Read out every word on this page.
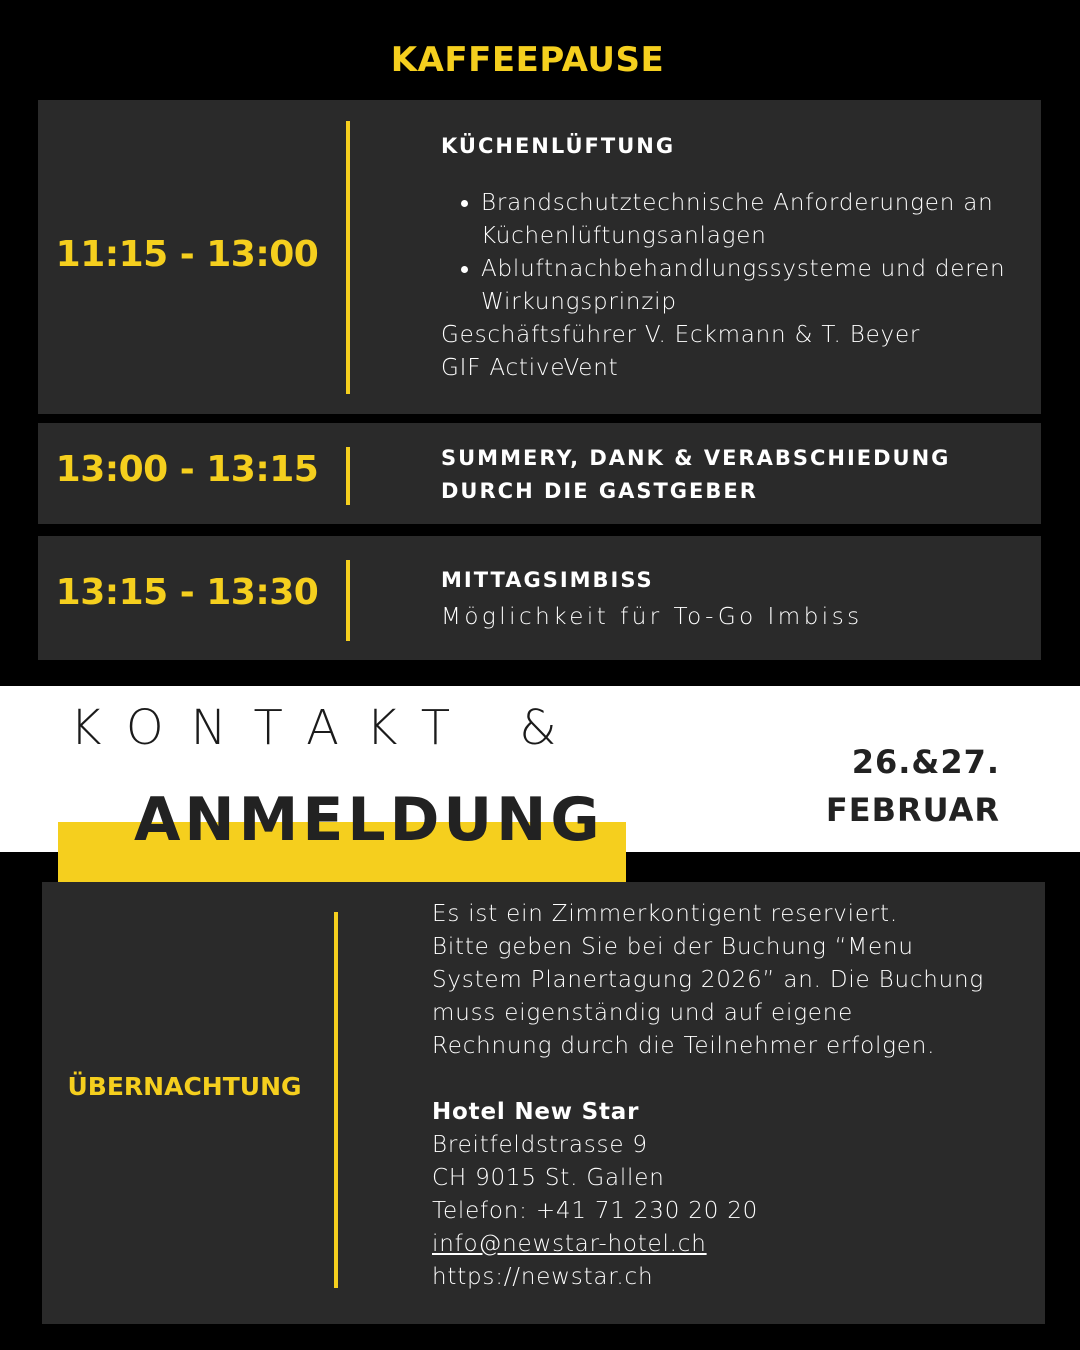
KAFFEEPAUSE
11:15 - 13:00
KÜCHENLÜFTUNG
• Brandschutztechnische Anforderungen an Küchenlüftungsanlagen
• Abluftnachbehandlungssysteme und deren Wirkungsprinzip
Geschäftsführer V. Eckmann & T. Beyer
GIF ActiveVent
13:00 - 13:15	SUMMERY, DANK & VERABSCHIEDUNG
DURCH DIE GASTGEBER
13:15 - 13:30	MITTAGSIMBISS
Möglichkeit für To-Go Imbiss
KONTAKT &
ANMELDUNG
26.&27.
FEBRUAR
ÜBERNACHTUNG
Es ist ein Zimmerkontigent reserviert.
Bitte geben Sie bei der Buchung “Menu
System Planertagung 2026” an. Die Buchung
muss eigenständig und auf eigene
Rechnung durch die Teilnehmer erfolgen.
Hotel New Star
Breitfeldstrasse 9
CH 9015 St. Gallen
Telefon: +41 71 230 20 20
info@newstar-hotel.ch
https://newstar.ch
